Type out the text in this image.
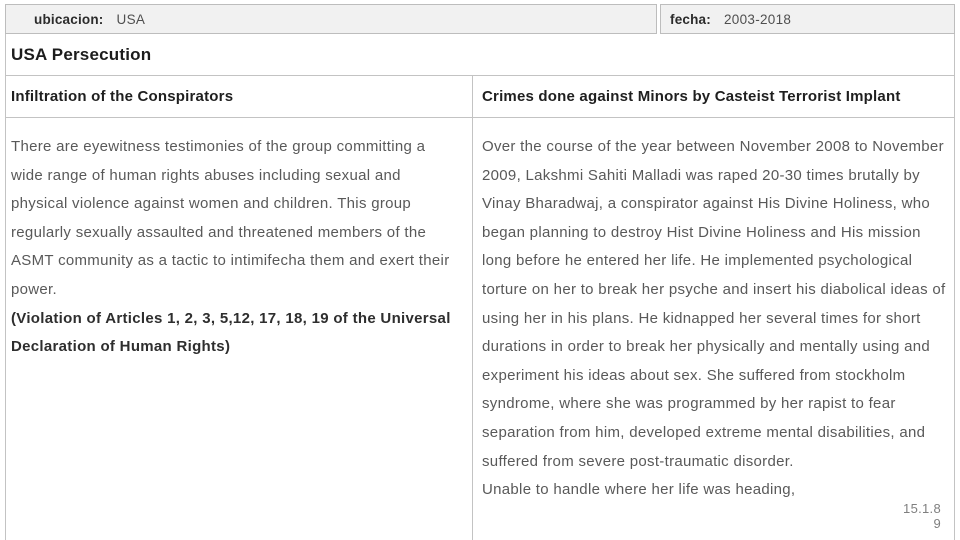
ubicacion: USA	fecha: 2003-2018
USA Persecution
Infiltration of the Conspirators	Crimes done against Minors by Casteist Terrorist Implant

There are eyewitness testimonies of the group committing a wide range of human rights abuses including sexual and physical violence against women and children. This group regularly sexually assaulted and threatened members of the ASMT community as a tactic to intimifecha them and exert their power.

(Violation of Articles 1, 2, 3, 5,12, 17, 18, 19 of the Universal Declaration of Human Rights)

Over the course of the year between November 2008 to November 2009, Lakshmi Sahiti Malladi was raped 20-30 times brutally by Vinay Bharadwaj, a conspirator against His Divine Holiness, who began planning to destroy Hist Divine Holiness and His mission long before he entered her life. He implemented psychological torture on her to break her psyche and insert his diabolical ideas of using her in his plans. He kidnapped her several times for short durations in order to break her physically and mentally using and experiment his ideas about sex. She suffered from stockholm syndrome, where she was programmed by her rapist to fear separation from him, developed extreme mental disabilities, and suffered from severe post-traumatic disorder.

Unable to handle where her life was heading,

15.1.8
9
